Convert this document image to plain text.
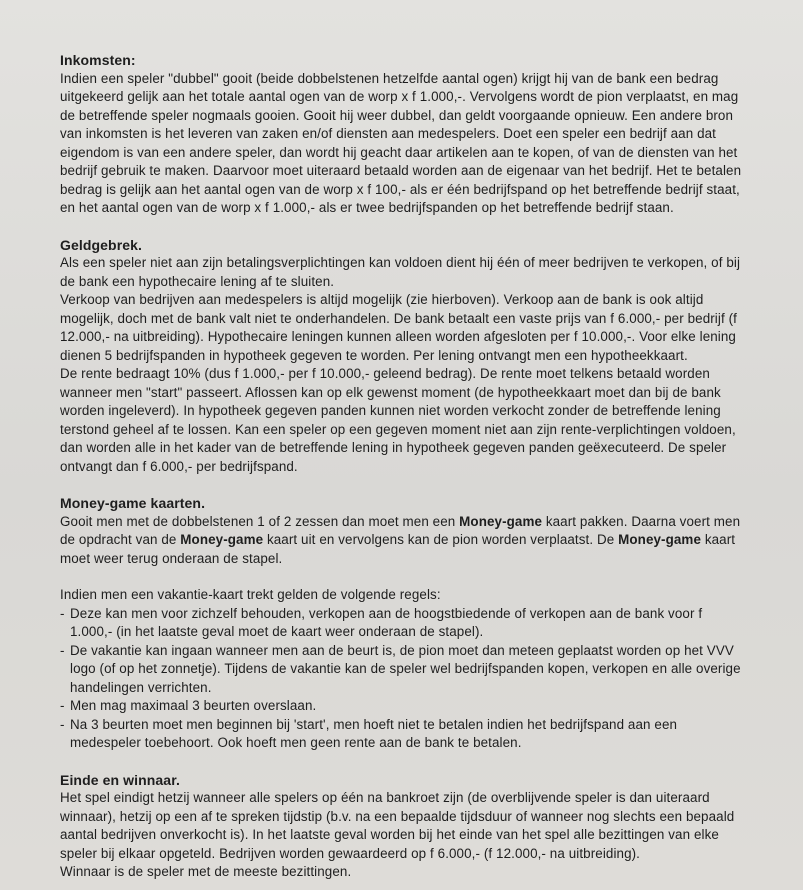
Inkomsten:

Indien een speler "dubbel" gooit (beide dobbelstenen hetzelfde aantal ogen) krijgt hij van de bank een bedrag uitgekeerd gelijk aan het totale aantal ogen van de worp x f 1.000,-. Vervolgens wordt de pion verplaatst, en mag de betreffende speler nogmaals gooien. Gooit hij weer dubbel, dan geldt voorgaande opnieuw. Een andere bron van inkomsten is het leveren van zaken en/of diensten aan medespelers. Doet een speler een bedrijf aan dat eigendom is van een andere speler, dan wordt hij geacht daar artikelen aan te kopen, of van de diensten van het bedrijf gebruik te maken. Daarvoor moet uiteraard betaald worden aan de eigenaar van het bedrijf. Het te betalen bedrag is gelijk aan het aantal ogen van de worp x f 100,- als er één bedrijfspand op het betreffende bedrijf staat, en het aantal ogen van de worp x f 1.000,- als er twee bedrijfspanden op het betreffende bedrijf staan.

Geldgebrek.

Als een speler niet aan zijn betalingsverplichtingen kan voldoen dient hij één of meer bedrijven te verkopen, of bij de bank een hypothecaire lening af te sluiten.

Verkoop van bedrijven aan medespelers is altijd mogelijk (zie hierboven). Verkoop aan de bank is ook altijd mogelijk, doch met de bank valt niet te onderhandelen. De bank betaalt een vaste prijs van f 6.000,- per bedrijf (f 12.000,- na uitbreiding). Hypothecaire leningen kunnen alleen worden afgesloten per f 10.000,-. Voor elke lening dienen 5 bedrijfspanden in hypotheek gegeven te worden. Per lening ontvangt men een hypotheekkaart.

De rente bedraagt 10% (dus f 1.000,- per f 10.000,- geleend bedrag). De rente moet telkens betaald worden wanneer men "start" passeert. Aflossen kan op elk gewenst moment (de hypotheekkaart moet dan bij de bank worden ingeleverd). In hypotheek gegeven panden kunnen niet worden verkocht zonder de betreffende lening terstond geheel af te lossen. Kan een speler op een gegeven moment niet aan zijn rente-verplichtingen voldoen, dan worden alle in het kader van de betreffende lening in hypotheek gegeven panden geëxecuteerd. De speler ontvangt dan f 6.000,- per bedrijfspand.

Money-game kaarten.

Gooit men met de dobbelstenen 1 of 2 zessen dan moet men een Money-game kaart pakken. Daarna voert men de opdracht van de Money-game kaart uit en vervolgens kan de pion worden verplaatst. De Money-game kaart moet weer terug onderaan de stapel.

Indien men een vakantie-kaart trekt gelden de volgende regels:

- Deze kan men voor zichzelf behouden, verkopen aan de hoogstbiedende of verkopen aan de bank voor f 1.000,- (in het laatste geval moet de kaart weer onderaan de stapel).
- De vakantie kan ingaan wanneer men aan de beurt is, de pion moet dan meteen geplaatst worden op het VVV logo (of op het zonnetje). Tijdens de vakantie kan de speler wel bedrijfspanden kopen, verkopen en alle overige handelingen verrichten.
- Men mag maximaal 3 beurten overslaan.
- Na 3 beurten moet men beginnen bij 'start', men hoeft niet te betalen indien het bedrijfspand aan een medespeler toebehoort. Ook hoeft men geen rente aan de bank te betalen.
Einde en winnaar.

Het spel eindigt hetzij wanneer alle spelers op één na bankroet zijn (de overblijvende speler is dan uiteraard winnaar), hetzij op een af te spreken tijdstip (b.v. na een bepaalde tijdsduur of wanneer nog slechts een bepaald aantal bedrijven onverkocht is). In het laatste geval worden bij het einde van het spel alle bezittingen van elke speler bij elkaar opgeteld. Bedrijven worden gewaardeerd op f 6.000,- (f 12.000,- na uitbreiding).

Winnaar is de speler met de meeste bezittingen.
